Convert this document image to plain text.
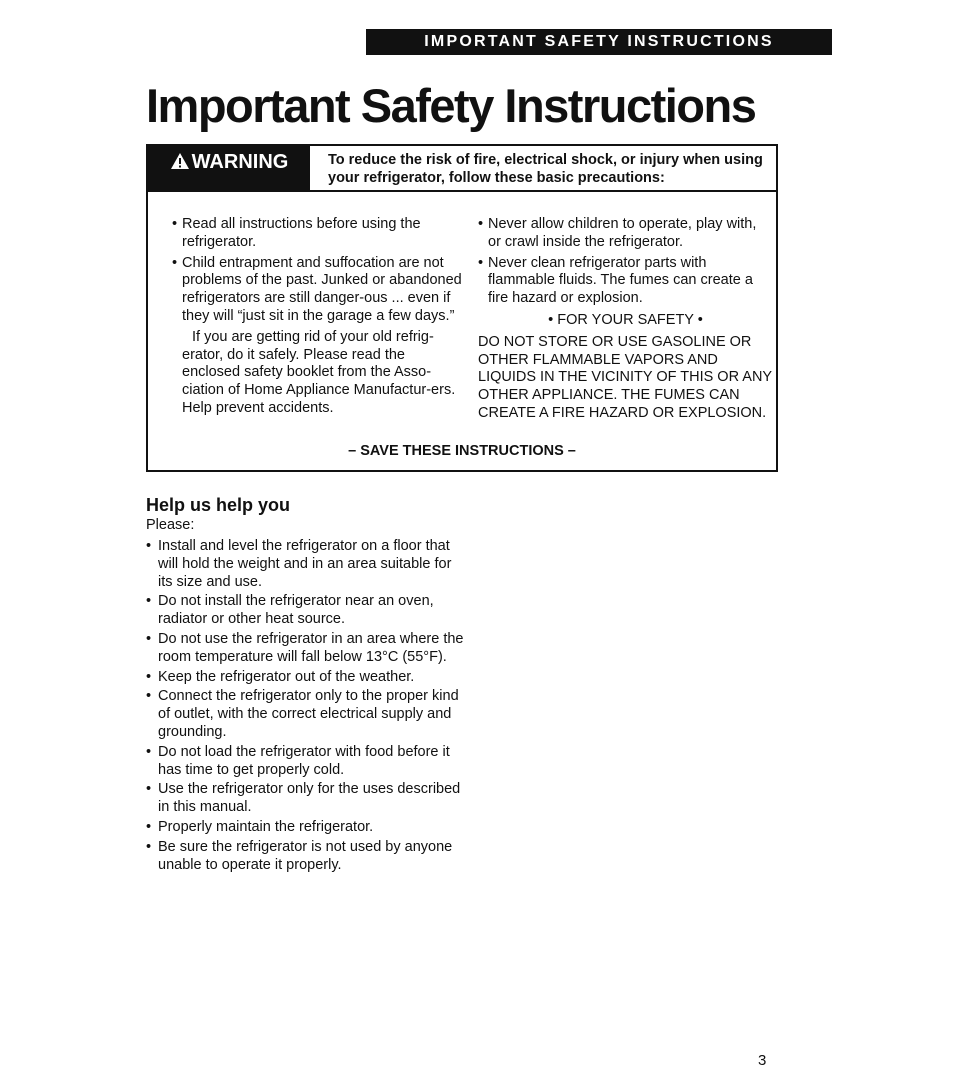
IMPORTANT SAFETY INSTRUCTIONS
Important Safety Instructions
WARNING	To reduce the risk of fire, electrical shock, or injury when using your refrigerator, follow these basic precautions:
• Read all instructions before using the refrigerator.
• Child entrapment and suffocation are not problems of the past. Junked or abandoned refrigerators are still danger-ous ... even if they will “just sit in the garage a few days.”
If you are getting rid of your old refrig-erator, do it safely. Please read the enclosed safety booklet from the Asso-ciation of Home Appliance Manufactur-ers. Help prevent accidents.
• Never allow children to operate, play with, or crawl inside the refrigerator.
• Never clean refrigerator parts with flammable fluids. The fumes can create a fire hazard or explosion.
• FOR YOUR SAFETY •
DO NOT STORE OR USE GASOLINE OR OTHER FLAMMABLE VAPORS AND LIQUIDS IN THE VICINITY OF THIS OR ANY OTHER APPLIANCE. THE FUMES CAN CREATE A FIRE HAZARD OR EXPLOSION.
– SAVE THESE INSTRUCTIONS –
Help us help you

Please:

• Install and level the refrigerator on a floor that will hold the weight and in an area suitable for its size and use.
• Do not install the refrigerator near an oven, radiator or other heat source.
• Do not use the refrigerator in an area where the room temperature will fall below 13°C (55°F).
• Keep the refrigerator out of the weather.
• Connect the refrigerator only to the proper kind of outlet, with the correct electrical supply and grounding.
• Do not load the refrigerator with food before it has time to get properly cold.
• Use the refrigerator only for the uses described in this manual.
• Properly maintain the refrigerator.
• Be sure the refrigerator is not used by anyone unable to operate it properly.
3
